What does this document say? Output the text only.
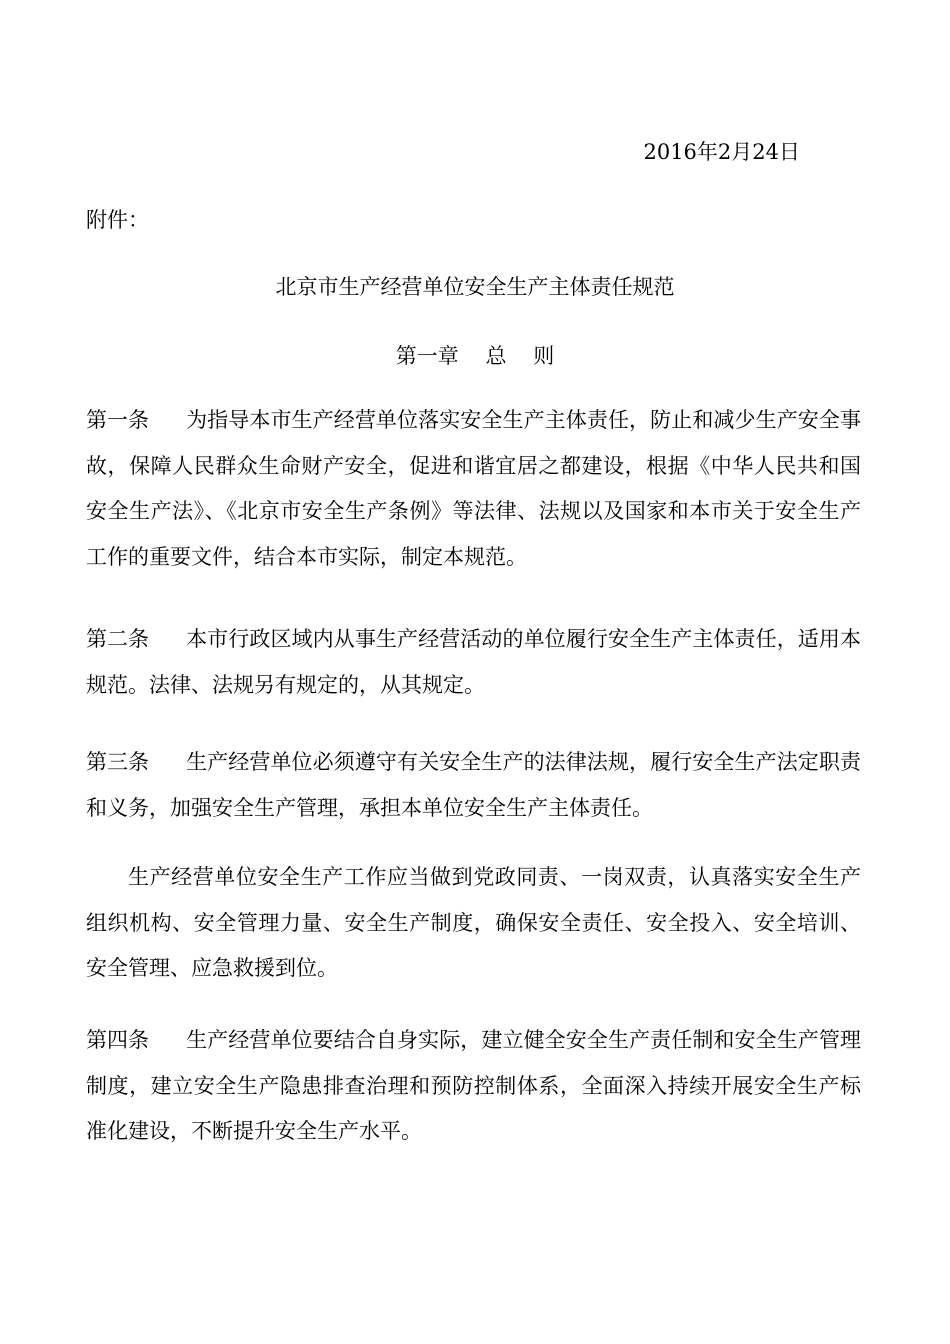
2016年2月24日
附件：
北京市生产经营单位安全生产主体责任规范
第一章    总    则
第一条 为指导本市生产经营单位落实安全生产主体责任，防止和减少生产安全事故，保障人民群众生命财产安全，促进和谐宜居之都建设，根据《中华人民共和国安全生产法》、《北京市安全生产条例》等法律、法规以及国家和本市关于安全生产工作的重要文件，结合本市实际，制定本规范。
第二条 本市行政区域内从事生产经营活动的单位履行安全生产主体责任，适用本规范。法律、法规另有规定的，从其规定。
第三条 生产经营单位必须遵守有关安全生产的法律法规，履行安全生产法定职责和义务，加强安全生产管理，承担本单位安全生产主体责任。
生产经营单位安全生产工作应当做到党政同责、一岗双责，认真落实安全生产组织机构、安全管理力量、安全生产制度，确保安全责任、安全投入、安全培训、安全管理、应急救援到位。
第四条 生产经营单位要结合自身实际，建立健全安全生产责任制和安全生产管理制度，建立安全生产隐患排查治理和预防控制体系，全面深入持续开展安全生产标准化建设，不断提升安全生产水平。
